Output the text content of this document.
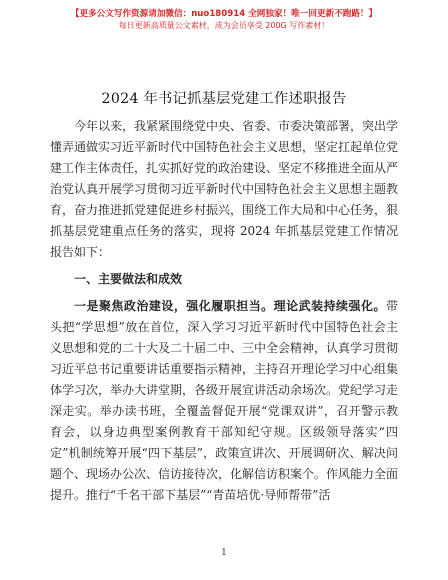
【更多公文写作资源请加微信：nuo180914 全网独家！唯一回更新不跑路！】
每日更新高质量公文素材，成为会员享受 200G 写作素材！
2024 年书记抓基层党建工作述职报告

今年以来，我紧紧围绕党中央、省委、市委决策部署，突出学懂弄通做实习近平新时代中国特色社会主义思想，坚定扛起单位党建工作主体责任，扎实抓好党的政治建设、坚定不移推进全面从严治党认真开展学习贯彻习近平新时代中国特色社会主义思想主题教育，奋力推进抓党建促进乡村振兴，围绕工作大局和中心任务，狠抓基层党建重点任务的落实，现将 2024 年抓基层党建工作情况报告如下：

一、主要做法和成效

一是聚焦政治建设，强化履职担当。理论武装持续强化。带头把“学思想”放在首位，深入学习习近平新时代中国特色社会主义思想和党的二十大及二十届二中、三中全会精神，认真学习贯彻习近平总书记重要讲话重要指示精神，主持召开理论学习中心组集体学习次，举办大讲堂期，各级开展宣讲活动余场次。党纪学习走深走实。举办读书班，全覆盖督促开展“党课双讲”，召开警示教育会，以身边典型案例教育干部知纪守规。区级领导落实“四定”机制统筹开展“四下基层”，政策宣讲次、开展调研次、解决问题个、现场办公次、信访接待次，化解信访积案个。作风能力全面提升。推行“千名干部下基层”“青苗培优·导师帮带”活

1
